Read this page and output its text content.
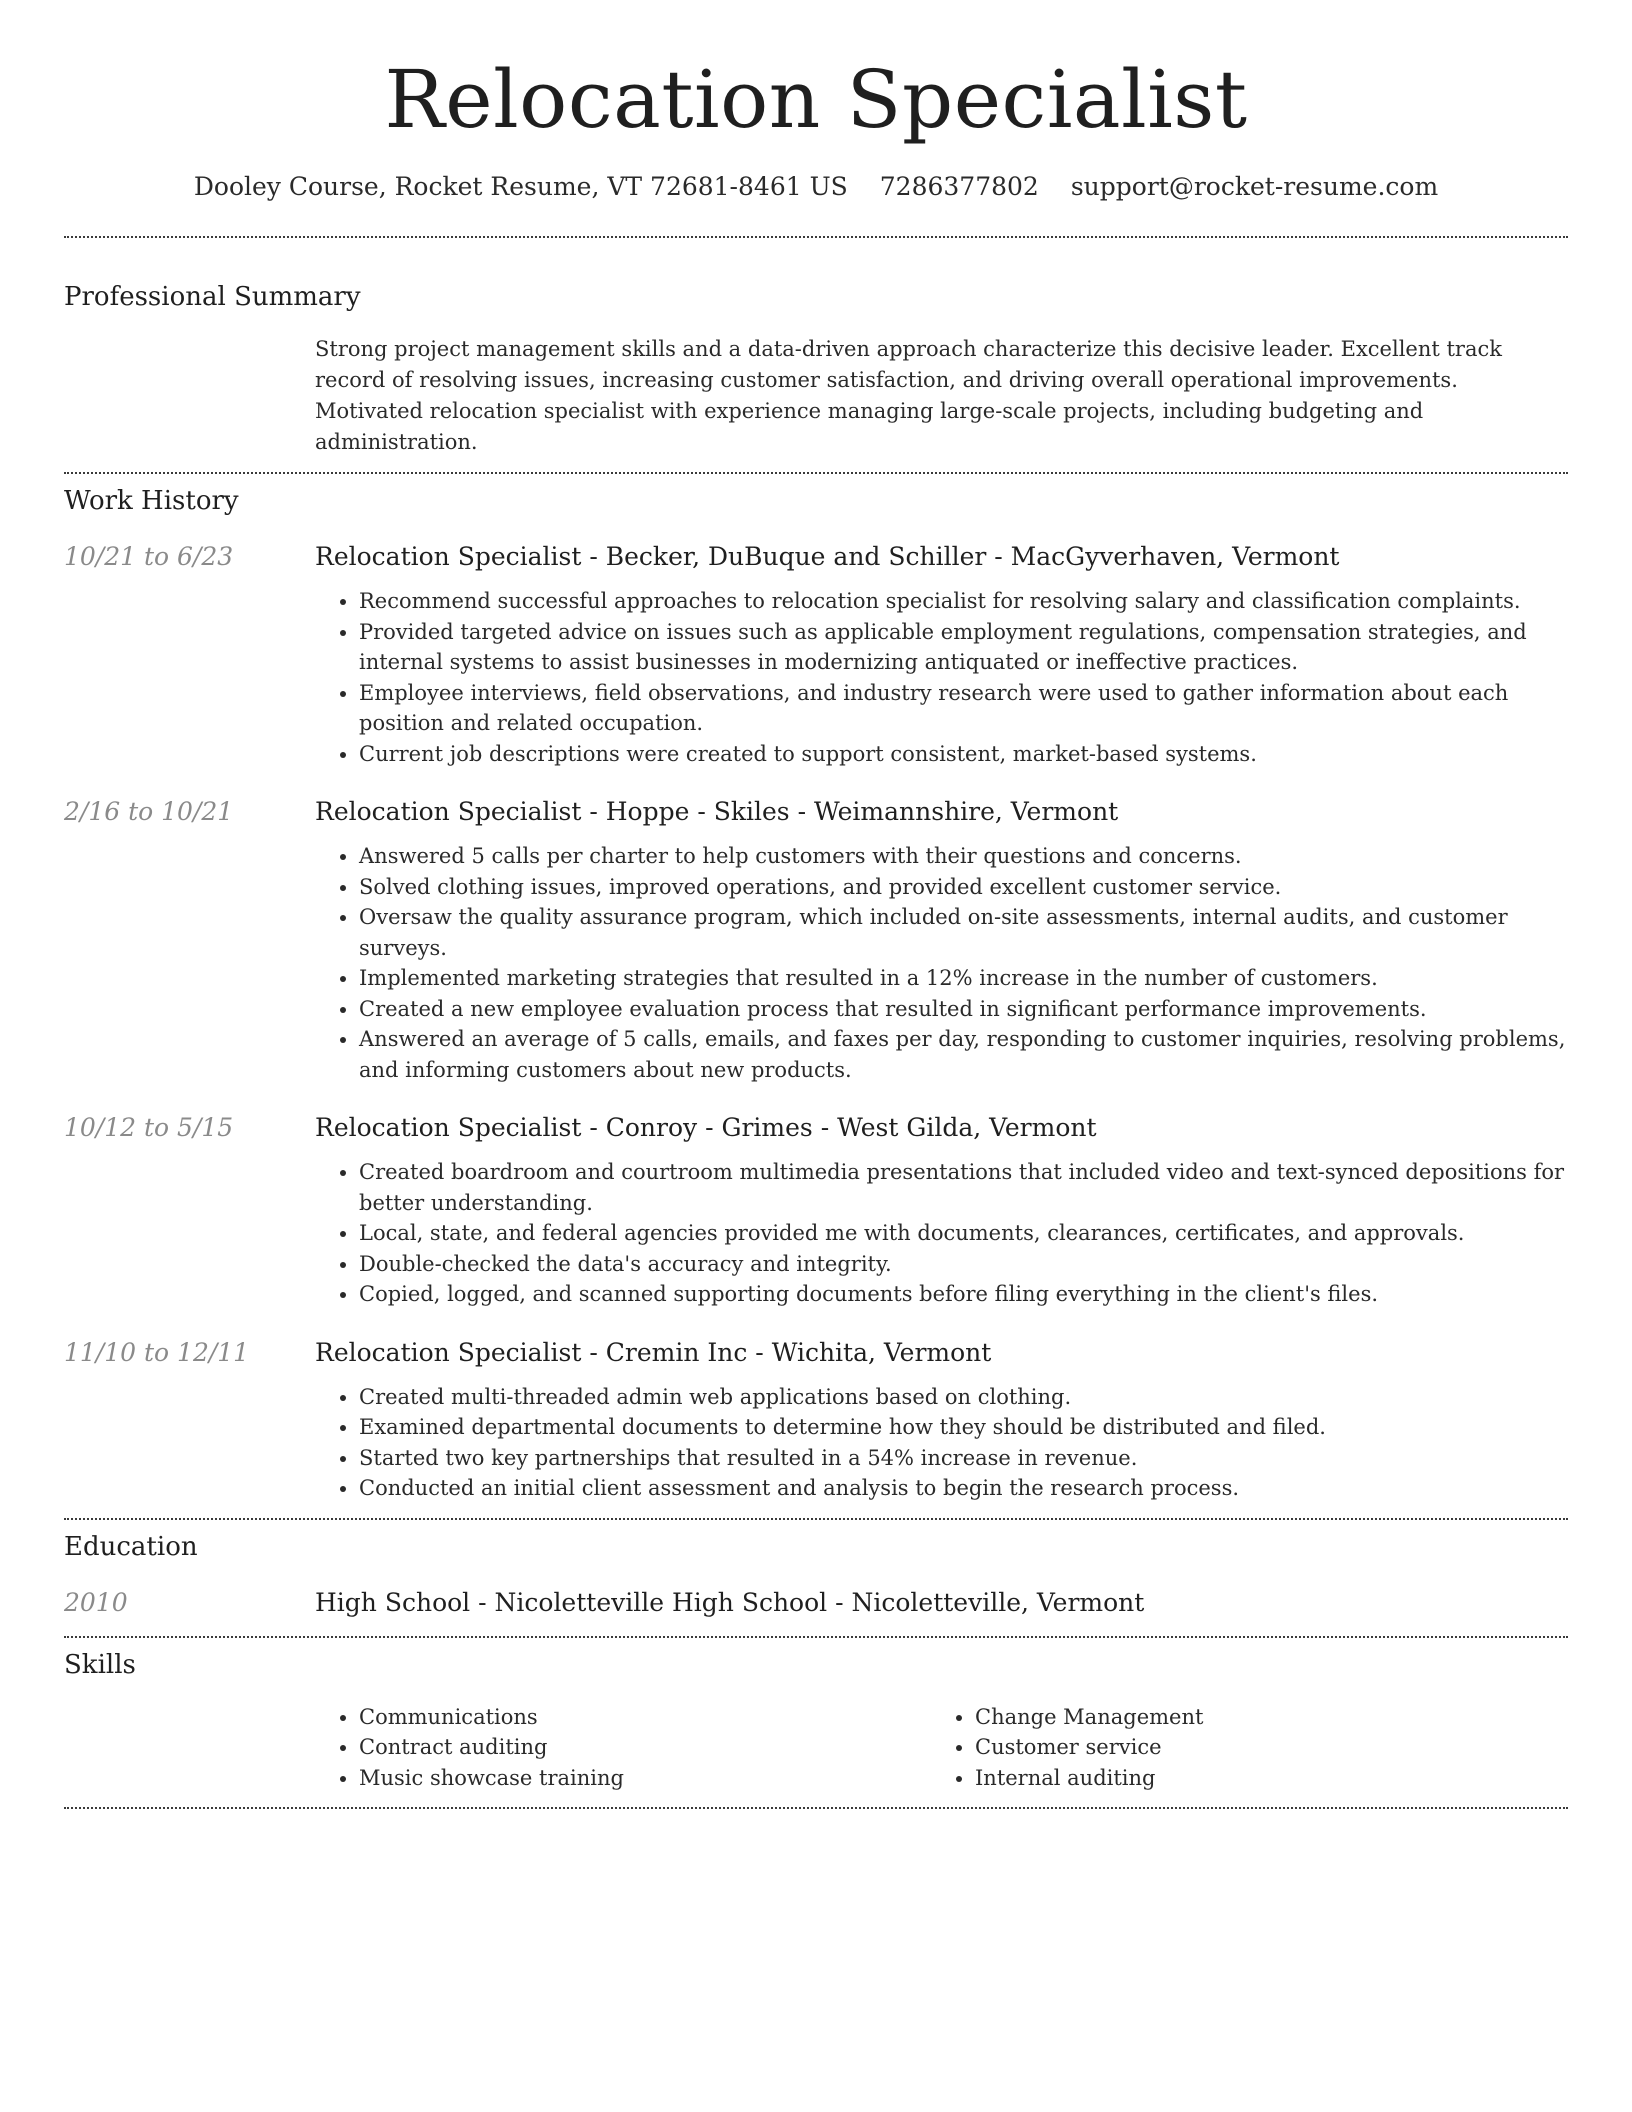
Relocation Specialist
Dooley Course, Rocket Resume, VT 72681-8461 US 7286377802 support@rocket-resume.com
Professional Summary

Strong project management skills and a data-driven approach characterize this decisive leader. Excellent track record of resolving issues, increasing customer satisfaction, and driving overall operational improvements. Motivated relocation specialist with experience managing large-scale projects, including budgeting and administration.

Work History
10/21 to 6/23	Relocation Specialist - Becker, DuBuque and Schiller - MacGyverhaven, Vermont
• Recommend successful approaches to relocation specialist for resolving salary and classification complaints.
• Provided targeted advice on issues such as applicable employment regulations, compensation strategies, and internal systems to assist businesses in modernizing antiquated or ineffective practices.
• Employee interviews, field observations, and industry research were used to gather information about each position and related occupation.
• Current job descriptions were created to support consistent, market-based systems.
2/16 to 10/21	Relocation Specialist - Hoppe - Skiles - Weimannshire, Vermont
• Answered 5 calls per charter to help customers with their questions and concerns.
• Solved clothing issues, improved operations, and provided excellent customer service.
• Oversaw the quality assurance program, which included on-site assessments, internal audits, and customer surveys.
• Implemented marketing strategies that resulted in a 12% increase in the number of customers.
• Created a new employee evaluation process that resulted in significant performance improvements.
• Answered an average of 5 calls, emails, and faxes per day, responding to customer inquiries, resolving problems, and informing customers about new products.
10/12 to 5/15	Relocation Specialist - Conroy - Grimes - West Gilda, Vermont
• Created boardroom and courtroom multimedia presentations that included video and text-synced depositions for better understanding.
• Local, state, and federal agencies provided me with documents, clearances, certificates, and approvals.
• Double-checked the data's accuracy and integrity.
• Copied, logged, and scanned supporting documents before filing everything in the client's files.
11/10 to 12/11	Relocation Specialist - Cremin Inc - Wichita, Vermont
• Created multi-threaded admin web applications based on clothing.
• Examined departmental documents to determine how they should be distributed and filed.
• Started two key partnerships that resulted in a 54% increase in revenue.
• Conducted an initial client assessment and analysis to begin the research process.
Education
2010	High School - Nicoletteville High School - Nicoletteville, Vermont
Skills
• Communications
• Contract auditing
• Music showcase training
• Change Management
• Customer service
• Internal auditing
